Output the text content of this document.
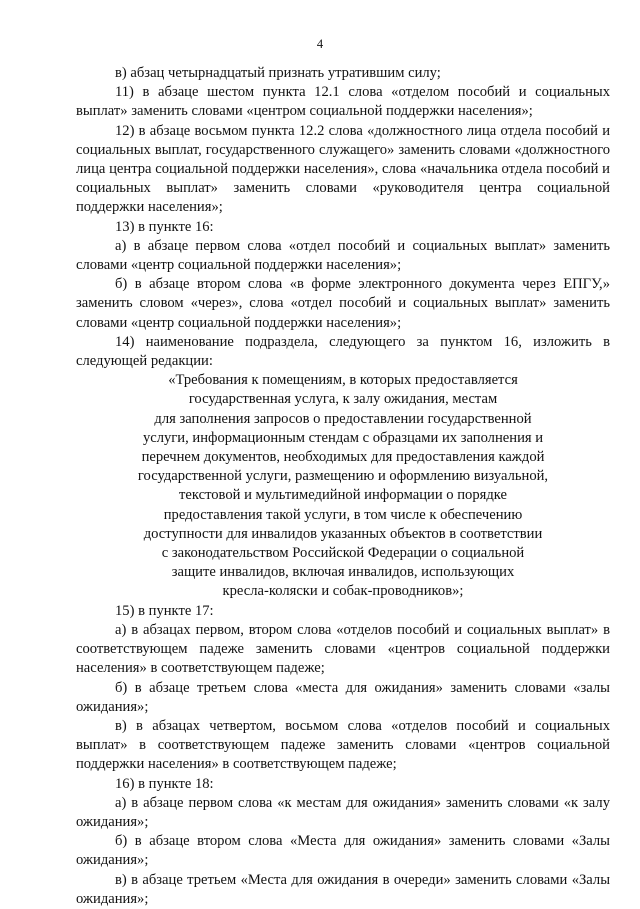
4

в) абзац четырнадцатый признать утратившим силу;

11) в абзаце шестом пункта 12.1 слова «отделом пособий и социальных выплат» заменить словами «центром социальной поддержки населения»;

12) в абзаце восьмом пункта 12.2 слова «должностного лица отдела пособий и социальных выплат, государственного служащего» заменить словами «должностного лица центра социальной поддержки населения», слова «начальника отдела пособий и социальных выплат» заменить словами «руководителя центра социальной поддержки населения»;

13) в пункте 16:

а) в абзаце первом слова «отдел пособий и социальных выплат» заменить словами «центр социальной поддержки населения»;

б) в абзаце втором слова «в форме электронного документа через ЕПГУ,» заменить словом «через», слова «отдел пособий и социальных выплат» заменить словами «центр социальной поддержки населения»;

14) наименование подраздела, следующего за пунктом 16, изложить в следующей редакции:

«Требования к помещениям, в которых предоставляется

государственная услуга, к залу ожидания, местам

для заполнения запросов о предоставлении государственной

услуги, информационным стендам с образцами их заполнения и

перечнем документов, необходимых для предоставления каждой

государственной услуги, размещению и оформлению визуальной,

текстовой и мультимедийной информации о порядке

предоставления такой услуги, в том числе к обеспечению

доступности для инвалидов указанных объектов в соответствии

с законодательством Российской Федерации о социальной

защите инвалидов, включая инвалидов, использующих

кресла-коляски и собак-проводников»;

15) в пункте 17:

а) в абзацах первом, втором слова «отделов пособий и социальных выплат» в соответствующем падеже заменить словами «центров социальной поддержки населения» в соответствующем падеже;

б) в абзаце третьем слова «места для ожидания» заменить словами «залы ожидания»;

в) в абзацах четвертом, восьмом слова «отделов пособий и социальных выплат» в соответствующем падеже заменить словами «центров социальной поддержки населения» в соответствующем падеже;

16) в пункте 18:

а) в абзаце первом слова «к местам для ожидания» заменить словами «к залу ожидания»;

б) в абзаце втором слова «Места для ожидания» заменить словами «Залы ожидания»;

в) в абзаце третьем «Места для ожидания в очереди» заменить словами «Залы ожидания»;
